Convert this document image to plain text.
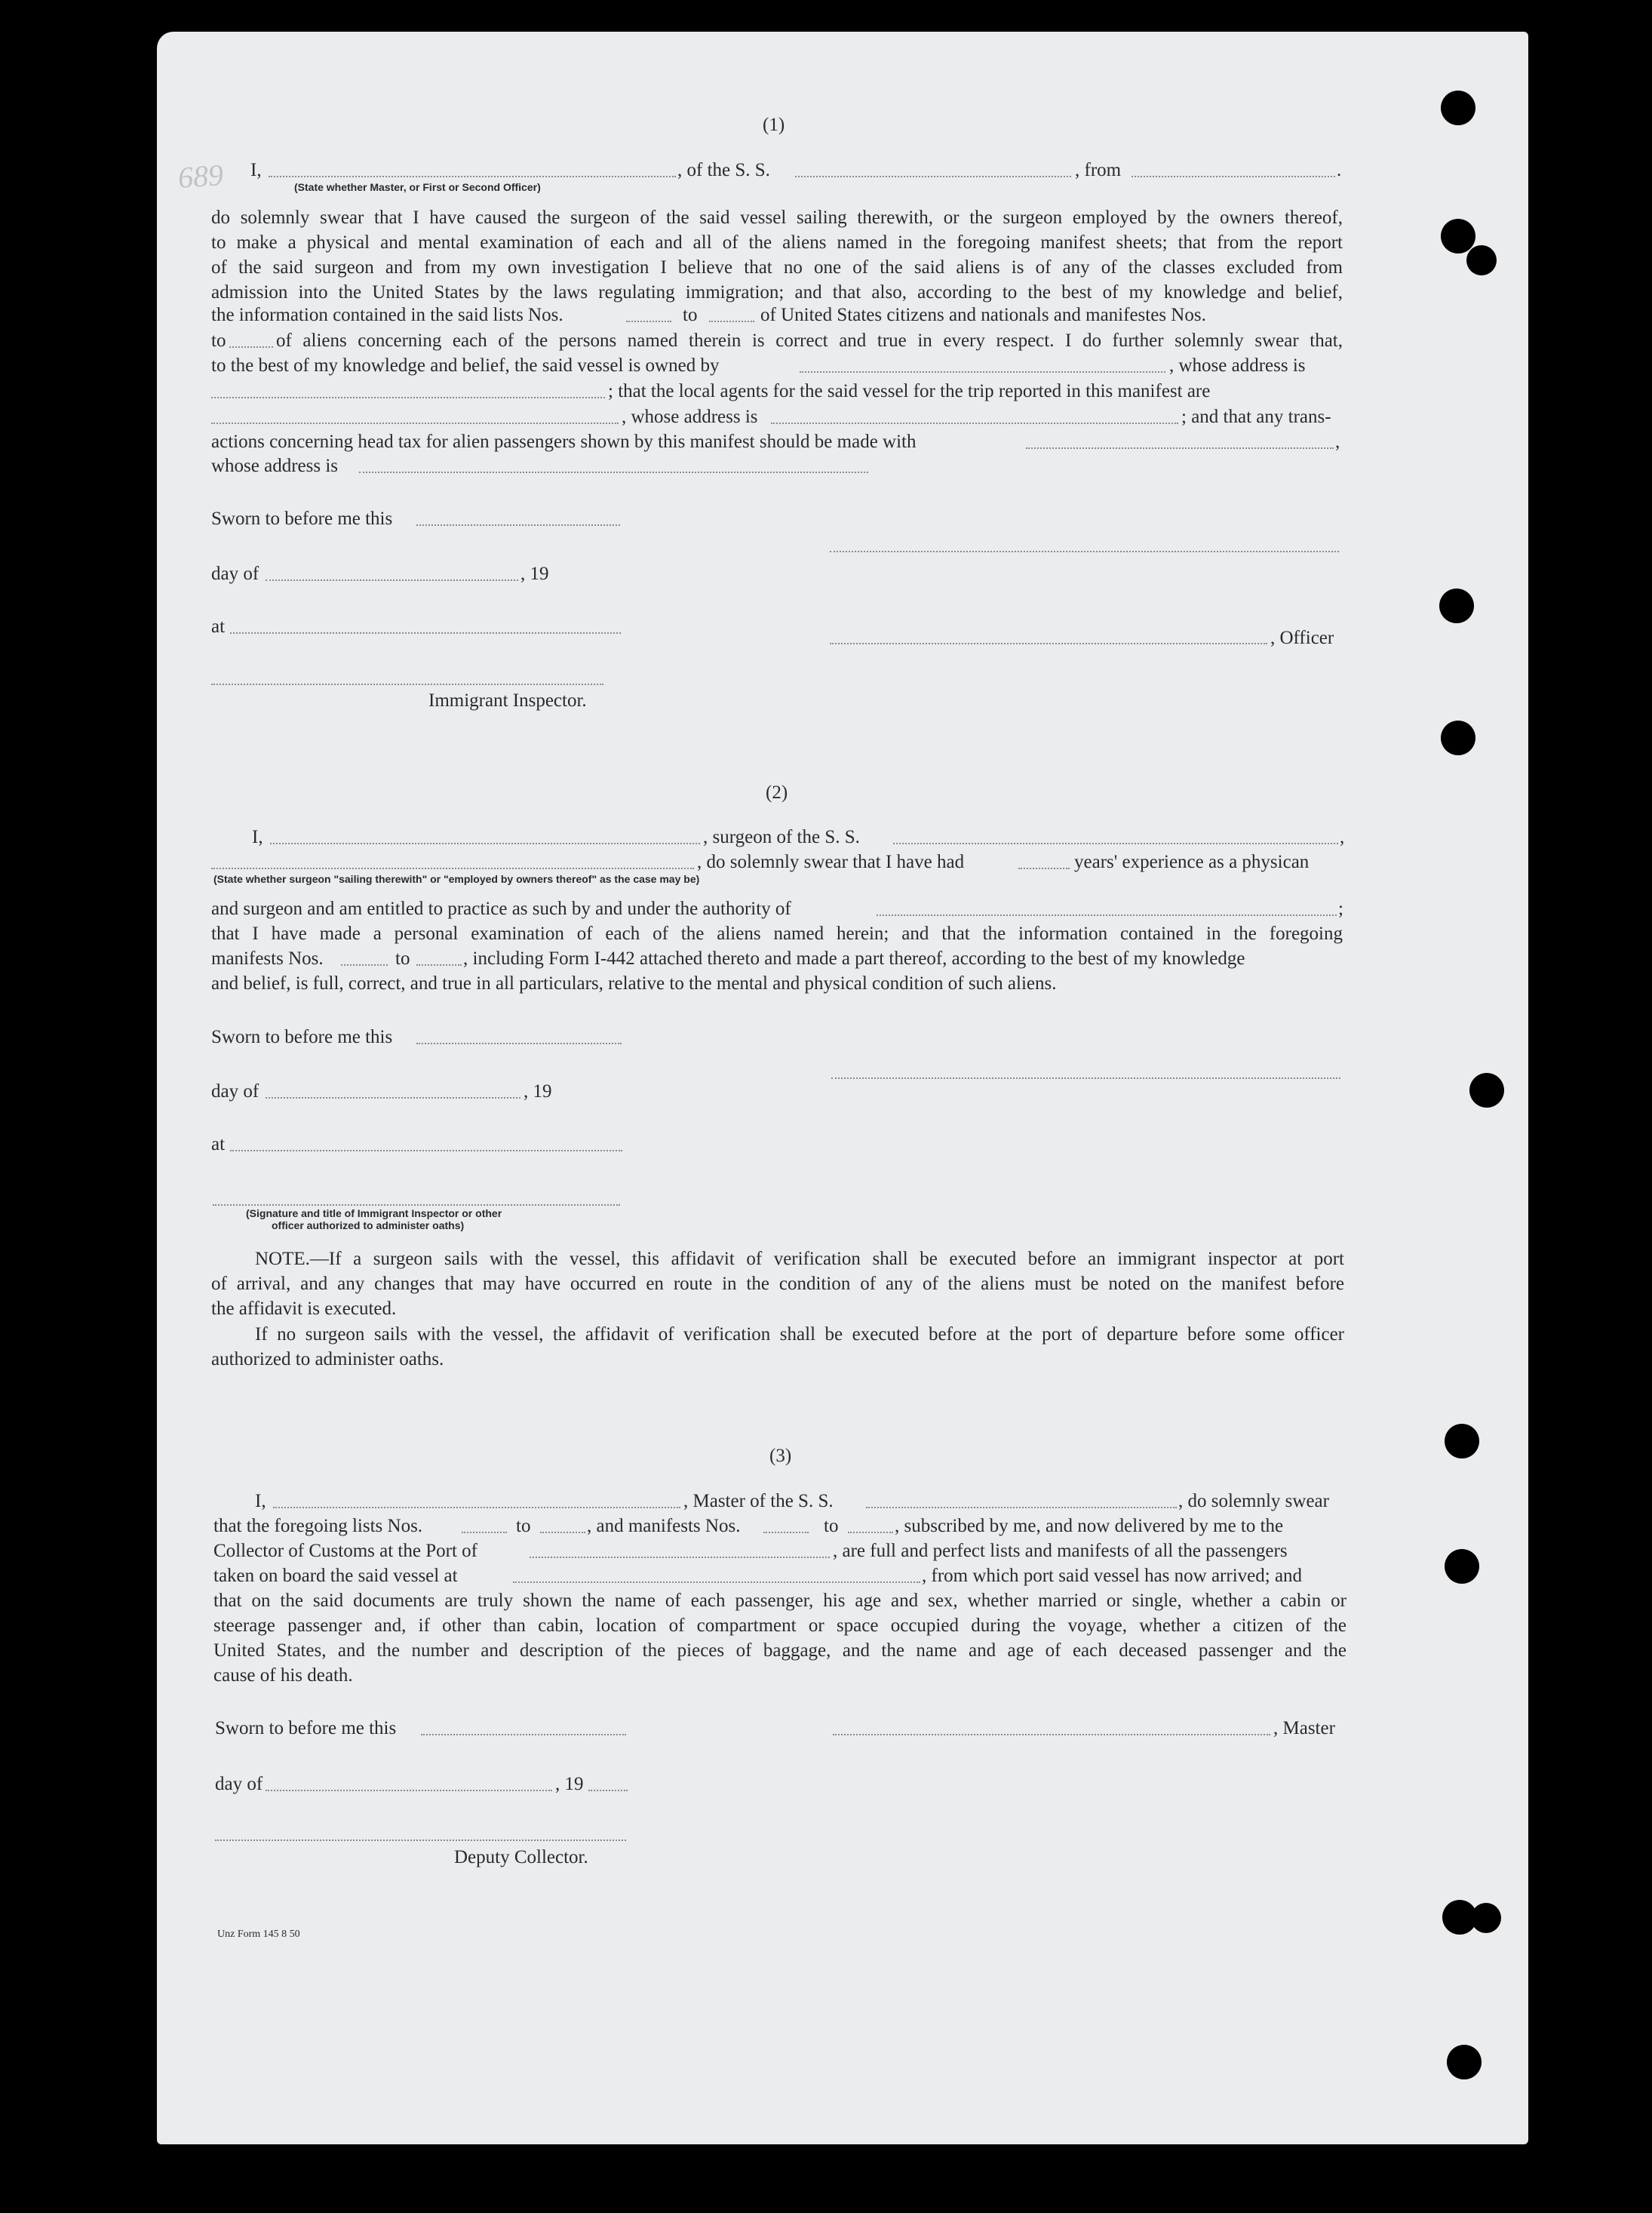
689
(1)
I,	, of the S. S.	, from	.
(State whether Master, or First or Second Officer)
do solemnly swear that I have caused the surgeon of the said vessel sailing therewith, or the surgeon employed by the owners thereof,
to make a physical and mental examination of each and all of the aliens named in the foregoing manifest sheets; that from the report
of the said surgeon and from my own investigation I believe that no one of the said aliens is of any of the classes excluded from
admission into the United States by the laws regulating immigration; and that also, according to the best of my knowledge and belief,
the information contained in the said lists Nos.	to	of United States citizens and nationals and manifestes Nos.
to	of aliens concerning each of the persons named therein is correct and true in every respect. I do further solemnly swear that,
to the best of my knowledge and belief, the said vessel is owned by	, whose address is
; that the local agents for the said vessel for the trip reported in this manifest are
, whose address is	; and that any trans-
actions concerning head tax for alien passengers shown by this manifest should be made with	,
whose address is
Sworn to before me this
day of	, 19
at
, Officer
Immigrant Inspector.
(2)
I,	, surgeon of the S. S.	,
, do solemnly swear that I have had	years' experience as a physican
(State whether surgeon "sailing therewith" or "employed by owners thereof" as the case may be)
and surgeon and am entitled to practice as such by and under the authority of	;
that I have made a personal examination of each of the aliens named herein; and that the information contained in the foregoing
manifests Nos.	to	, including Form I-442 attached thereto and made a part thereof, according to the best of my knowledge
and belief, is full, correct, and true in all particulars, relative to the mental and physical condition of such aliens.
Sworn to before me this
day of	, 19
at
(Signature and title of Immigrant Inspector or other
officer authorized to administer oaths)
NOTE.—If a surgeon sails with the vessel, this affidavit of verification shall be executed before an immigrant inspector at port
of arrival, and any changes that may have occurred en route in the condition of any of the aliens must be noted on the manifest before
the affidavit is executed.
If no surgeon sails with the vessel, the affidavit of verification shall be executed before at the port of departure before some officer
authorized to administer oaths.
(3)
I,	, Master of the S. S.	, do solemnly swear
that the foregoing lists Nos.	to	, and manifests Nos.	to	, subscribed by me, and now delivered by me to the
Collector of Customs at the Port of	, are full and perfect lists and manifests of all the passengers
taken on board the said vessel at	, from which port said vessel has now arrived; and
that on the said documents are truly shown the name of each passenger, his age and sex, whether married or single, whether a cabin or
steerage passenger and, if other than cabin, location of compartment or space occupied during the voyage, whether a citizen of the
United States, and the number and description of the pieces of baggage, and the name and age of each deceased passenger and the
cause of his death.
Sworn to before me this	, Master
day of	, 19
Deputy Collector.
Unz Form 145 8 50
